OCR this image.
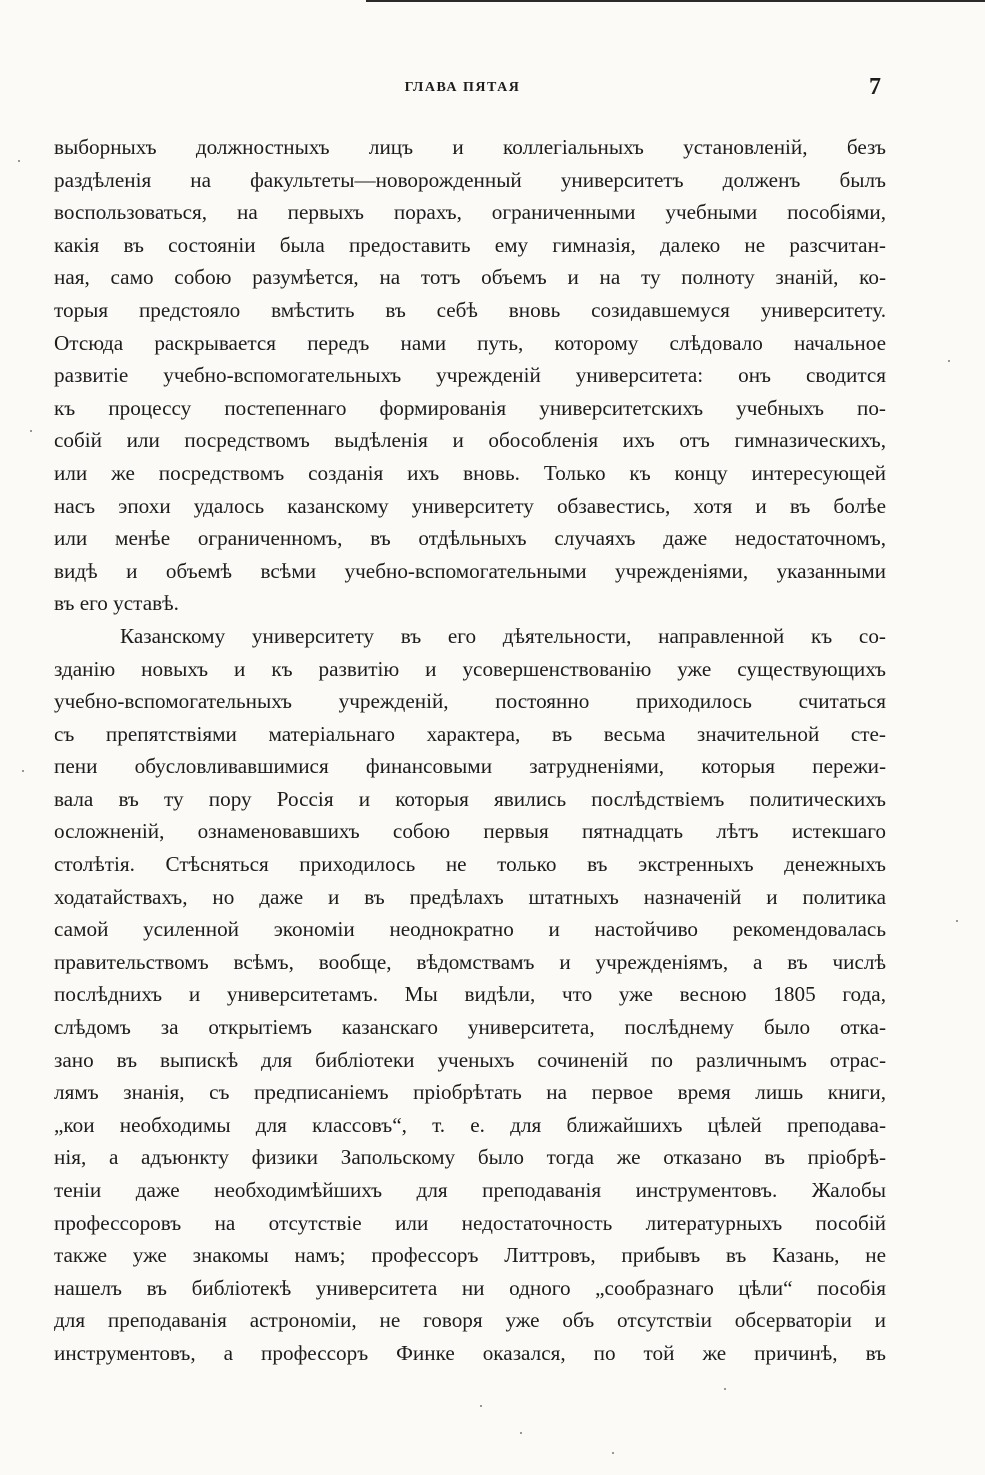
ГЛАВА ПЯТАЯ	7
выборныхъ должностныхъ лицъ и коллегіальныхъ установленій, безъ
раздѣленія на факультеты—новорожденный университетъ долженъ былъ
воспользоваться, на первыхъ порахъ, ограниченными учебными пособіями,
какія въ состояніи была предоставить ему гимназія, далеко не разсчитан-
ная, само собою разумѣется, на тотъ объемъ и на ту полноту знаній, ко-
торыя предстояло вмѣстить въ себѣ вновь созидавшемуся университету.
Отсюда раскрывается передъ нами путь, которому слѣдовало начальное
развитіе учебно-вспомогательныхъ учрежденій университета: онъ сводится
къ процессу постепеннаго формированія университетскихъ учебныхъ по-
собій или посредствомъ выдѣленія и обособленія ихъ отъ гимназическихъ,
или же посредствомъ созданія ихъ вновь. Только къ концу интересующей
насъ эпохи удалось казанскому университету обзавестись, хотя и въ болѣе
или менѣе ограниченномъ, въ отдѣльныхъ случаяхъ даже недостаточномъ,
видѣ и объемѣ всѣми учебно-вспомогательными учрежденіями, указанными
въ его уставѣ.
Казанскому университету въ его дѣятельности, направленной къ со-
зданію новыхъ и къ развитію и усовершенствованію уже существующихъ
учебно-вспомогательныхъ учрежденій, постоянно приходилось считаться
съ препятствіями матеріальнаго характера, въ весьма значительной сте-
пени обусловливавшимися финансовыми затрудненіями, которыя пережи-
вала въ ту пору Россія и которыя явились послѣдствіемъ политическихъ
осложненій, ознаменовавшихъ собою первыя пятнадцать лѣтъ истекшаго
столѣтія. Стѣсняться приходилось не только въ экстренныхъ денежныхъ
ходатайствахъ, но даже и въ предѣлахъ штатныхъ назначеній и политика
самой усиленной экономіи неоднократно и настойчиво рекомендовалась
правительствомъ всѣмъ, вообще, вѣдомствамъ и учрежденіямъ, а въ числѣ
послѣднихъ и университетамъ. Мы видѣли, что уже весною 1805 года,
слѣдомъ за открытіемъ казанскаго университета, послѣднему было отка-
зано въ выпискѣ для библіотеки ученыхъ сочиненій по различнымъ отрас-
лямъ знанія, съ предписаніемъ пріобрѣтать на первое время лишь книги,
„кои необходимы для классовъ“, т. е. для ближайшихъ цѣлей преподава-
нія, а адъюнкту физики Запольскому было тогда же отказано въ пріобрѣ-
теніи даже необходимѣйшихъ для преподаванія инструментовъ. Жалобы
профессоровъ на отсутствіе или недостаточность литературныхъ пособій
также уже знакомы намъ; профессоръ Литтровъ, прибывъ въ Казань, не
нашелъ въ библіотекѣ университета ни одного „сообразнаго цѣли“ пособія
для преподаванія астрономіи, не говоря уже объ отсутствіи обсерваторіи и
инструментовъ, а профессоръ Финке оказался, по той же причинѣ, въ
